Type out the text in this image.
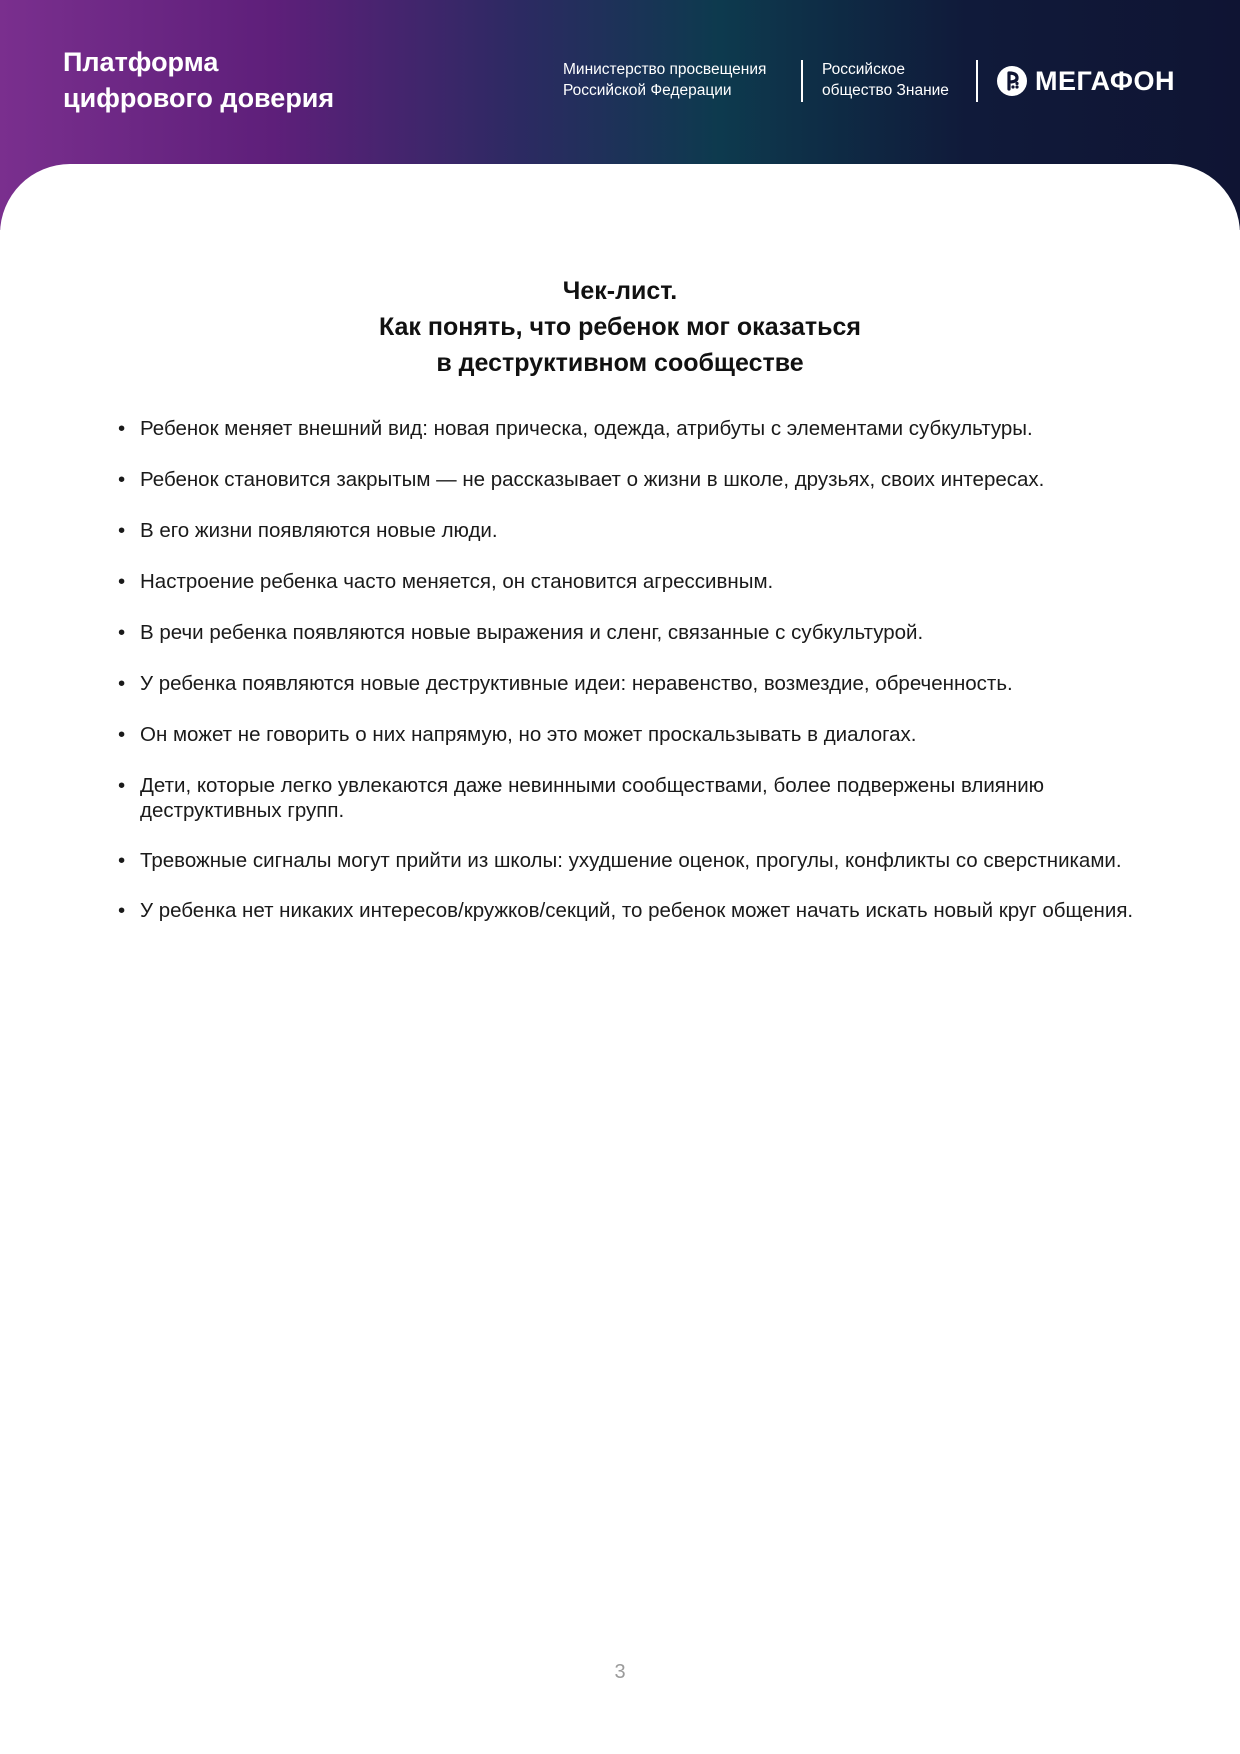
Платформа
цифрового доверия
Министерство просвещения
Российской Федерации
Российское
общество Знание	МЕГАФОН
Чек-лист.
Как понять, что ребенок мог оказаться
в деструктивном сообществе
• Ребенок меняет внешний вид: новая прическа, одежда, атрибуты с элементами субкультуры.
• Ребенок становится закрытым — не рассказывает о жизни в школе, друзьях, своих интересах.
• В его жизни появляются новые люди.
• Настроение ребенка часто меняется, он становится агрессивным.
• В речи ребенка появляются новые выражения и сленг, связанные с субкультурой.
• У ребенка появляются новые деструктивные идеи: неравенство, возмездие, обреченность.
• Он может не говорить о них напрямую, но это может проскальзывать в диалогах.
• Дети, которые легко увлекаются даже невинными сообществами, более подвержены влиянию деструктивных групп.
• Тревожные сигналы могут прийти из школы: ухудшение оценок, прогулы, конфликты со сверстниками.
• У ребенка нет никаких интересов/кружков/секций, то ребенок может начать искать новый круг общения.
3
